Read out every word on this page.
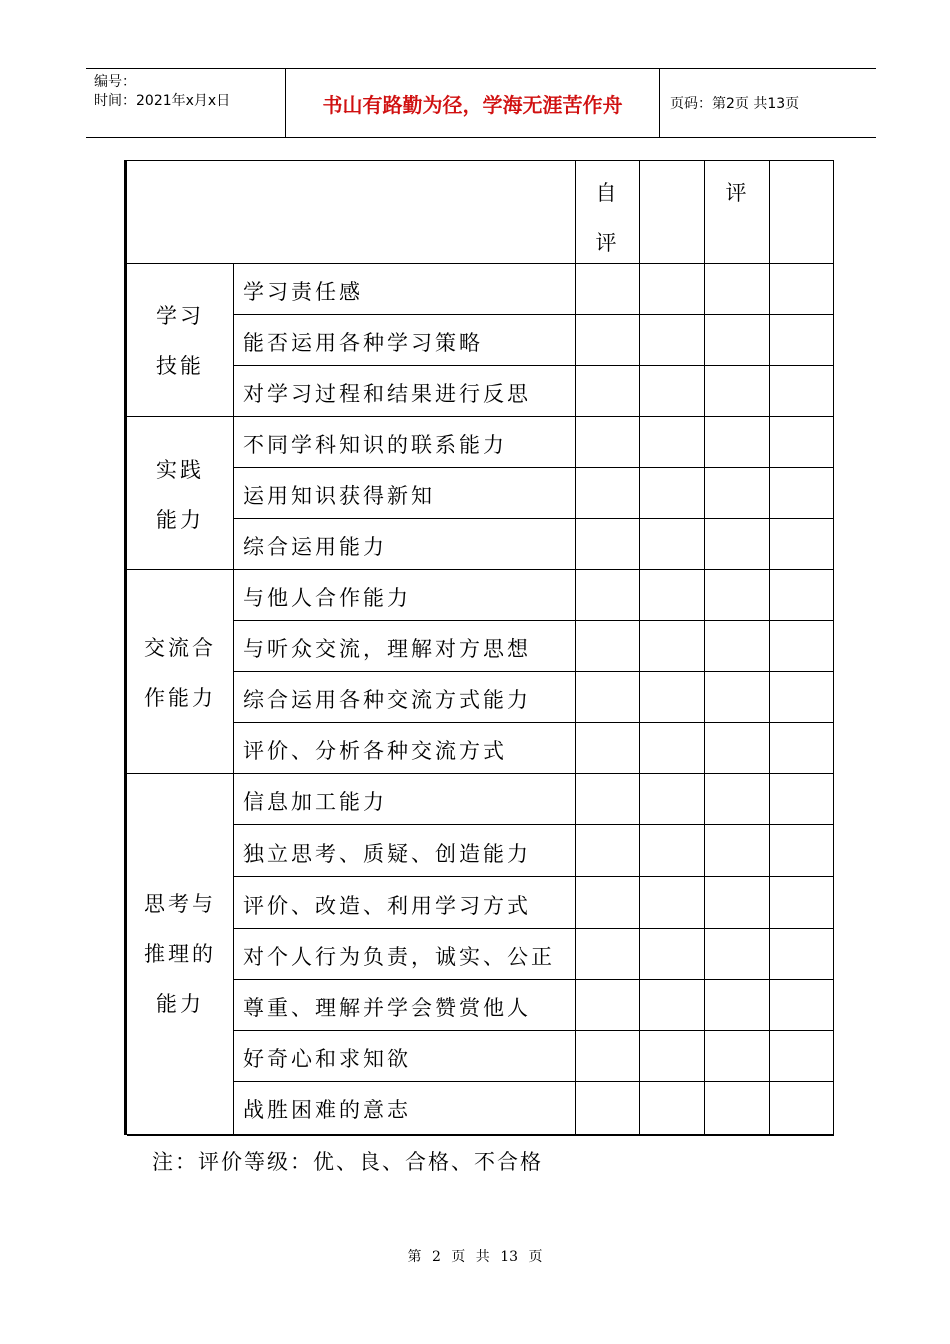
编号：
时间：2021年x月x日	书山有路勤为径，学海无涯苦作舟	页码：第2页 共13页
自
评
评
学习
技能
学习责任感
能否运用各种学习策略
对学习过程和结果进行反思
实践
能力
不同学科知识的联系能力
运用知识获得新知
综合运用能力
交流合
作能力
与他人合作能力
与听众交流，理解对方思想
综合运用各种交流方式能力
评价、分析各种交流方式
思考与
推理的
能力
信息加工能力
独立思考、质疑、创造能力
评价、改造、利用学习方式
对个人行为负责，诚实、公正
尊重、理解并学会赞赏他人
好奇心和求知欲
战胜困难的意志
注：评价等级：优、良、合格、不合格
第 2 页 共 13 页
